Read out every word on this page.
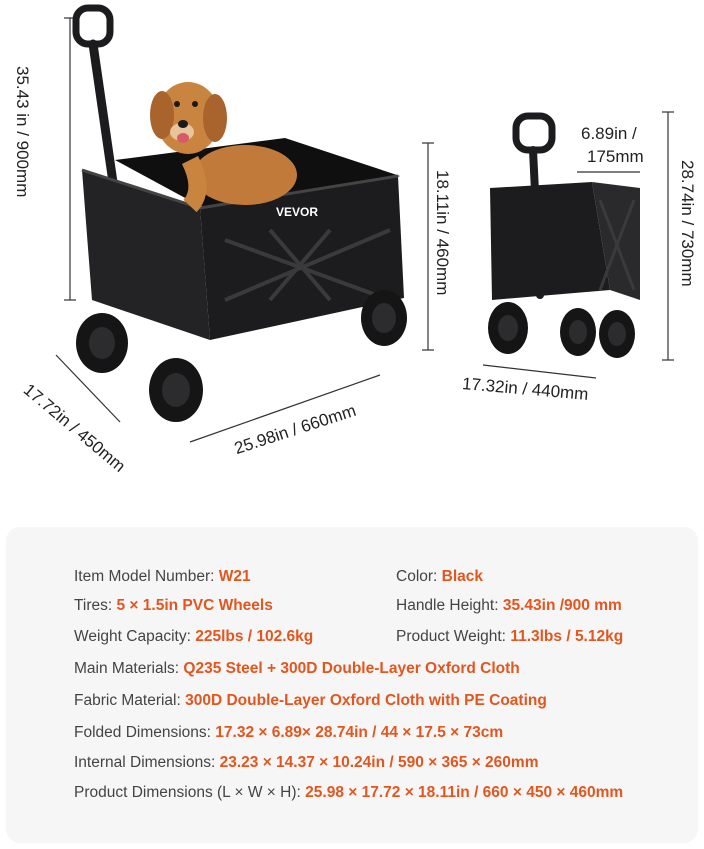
VEVOR
35.43 in / 900mm
17.72in / 450mm	25.98in / 660mm
18.11in / 460mm
6.89in /
175mm
28.74in / 730mm
17.32in / 440mm
Item Model Number: W21	Color: Black
Tires: 5 × 1.5in PVC Wheels	Handle Height: 35.43in /900 mm
Weight Capacity: 225lbs / 102.6kg	Product Weight: 11.3lbs / 5.12kg
Main Materials: Q235 Steel + 300D Double-Layer Oxford Cloth
Fabric Material: 300D Double-Layer Oxford Cloth with PE Coating
Folded Dimensions: 17.32 × 6.89× 28.74in / 44 × 17.5 × 73cm
Internal Dimensions: 23.23 × 14.37 × 10.24in / 590 × 365 × 260mm
Product Dimensions (L × W × H): 25.98 × 17.72 × 18.11in / 660 × 450 × 460mm
